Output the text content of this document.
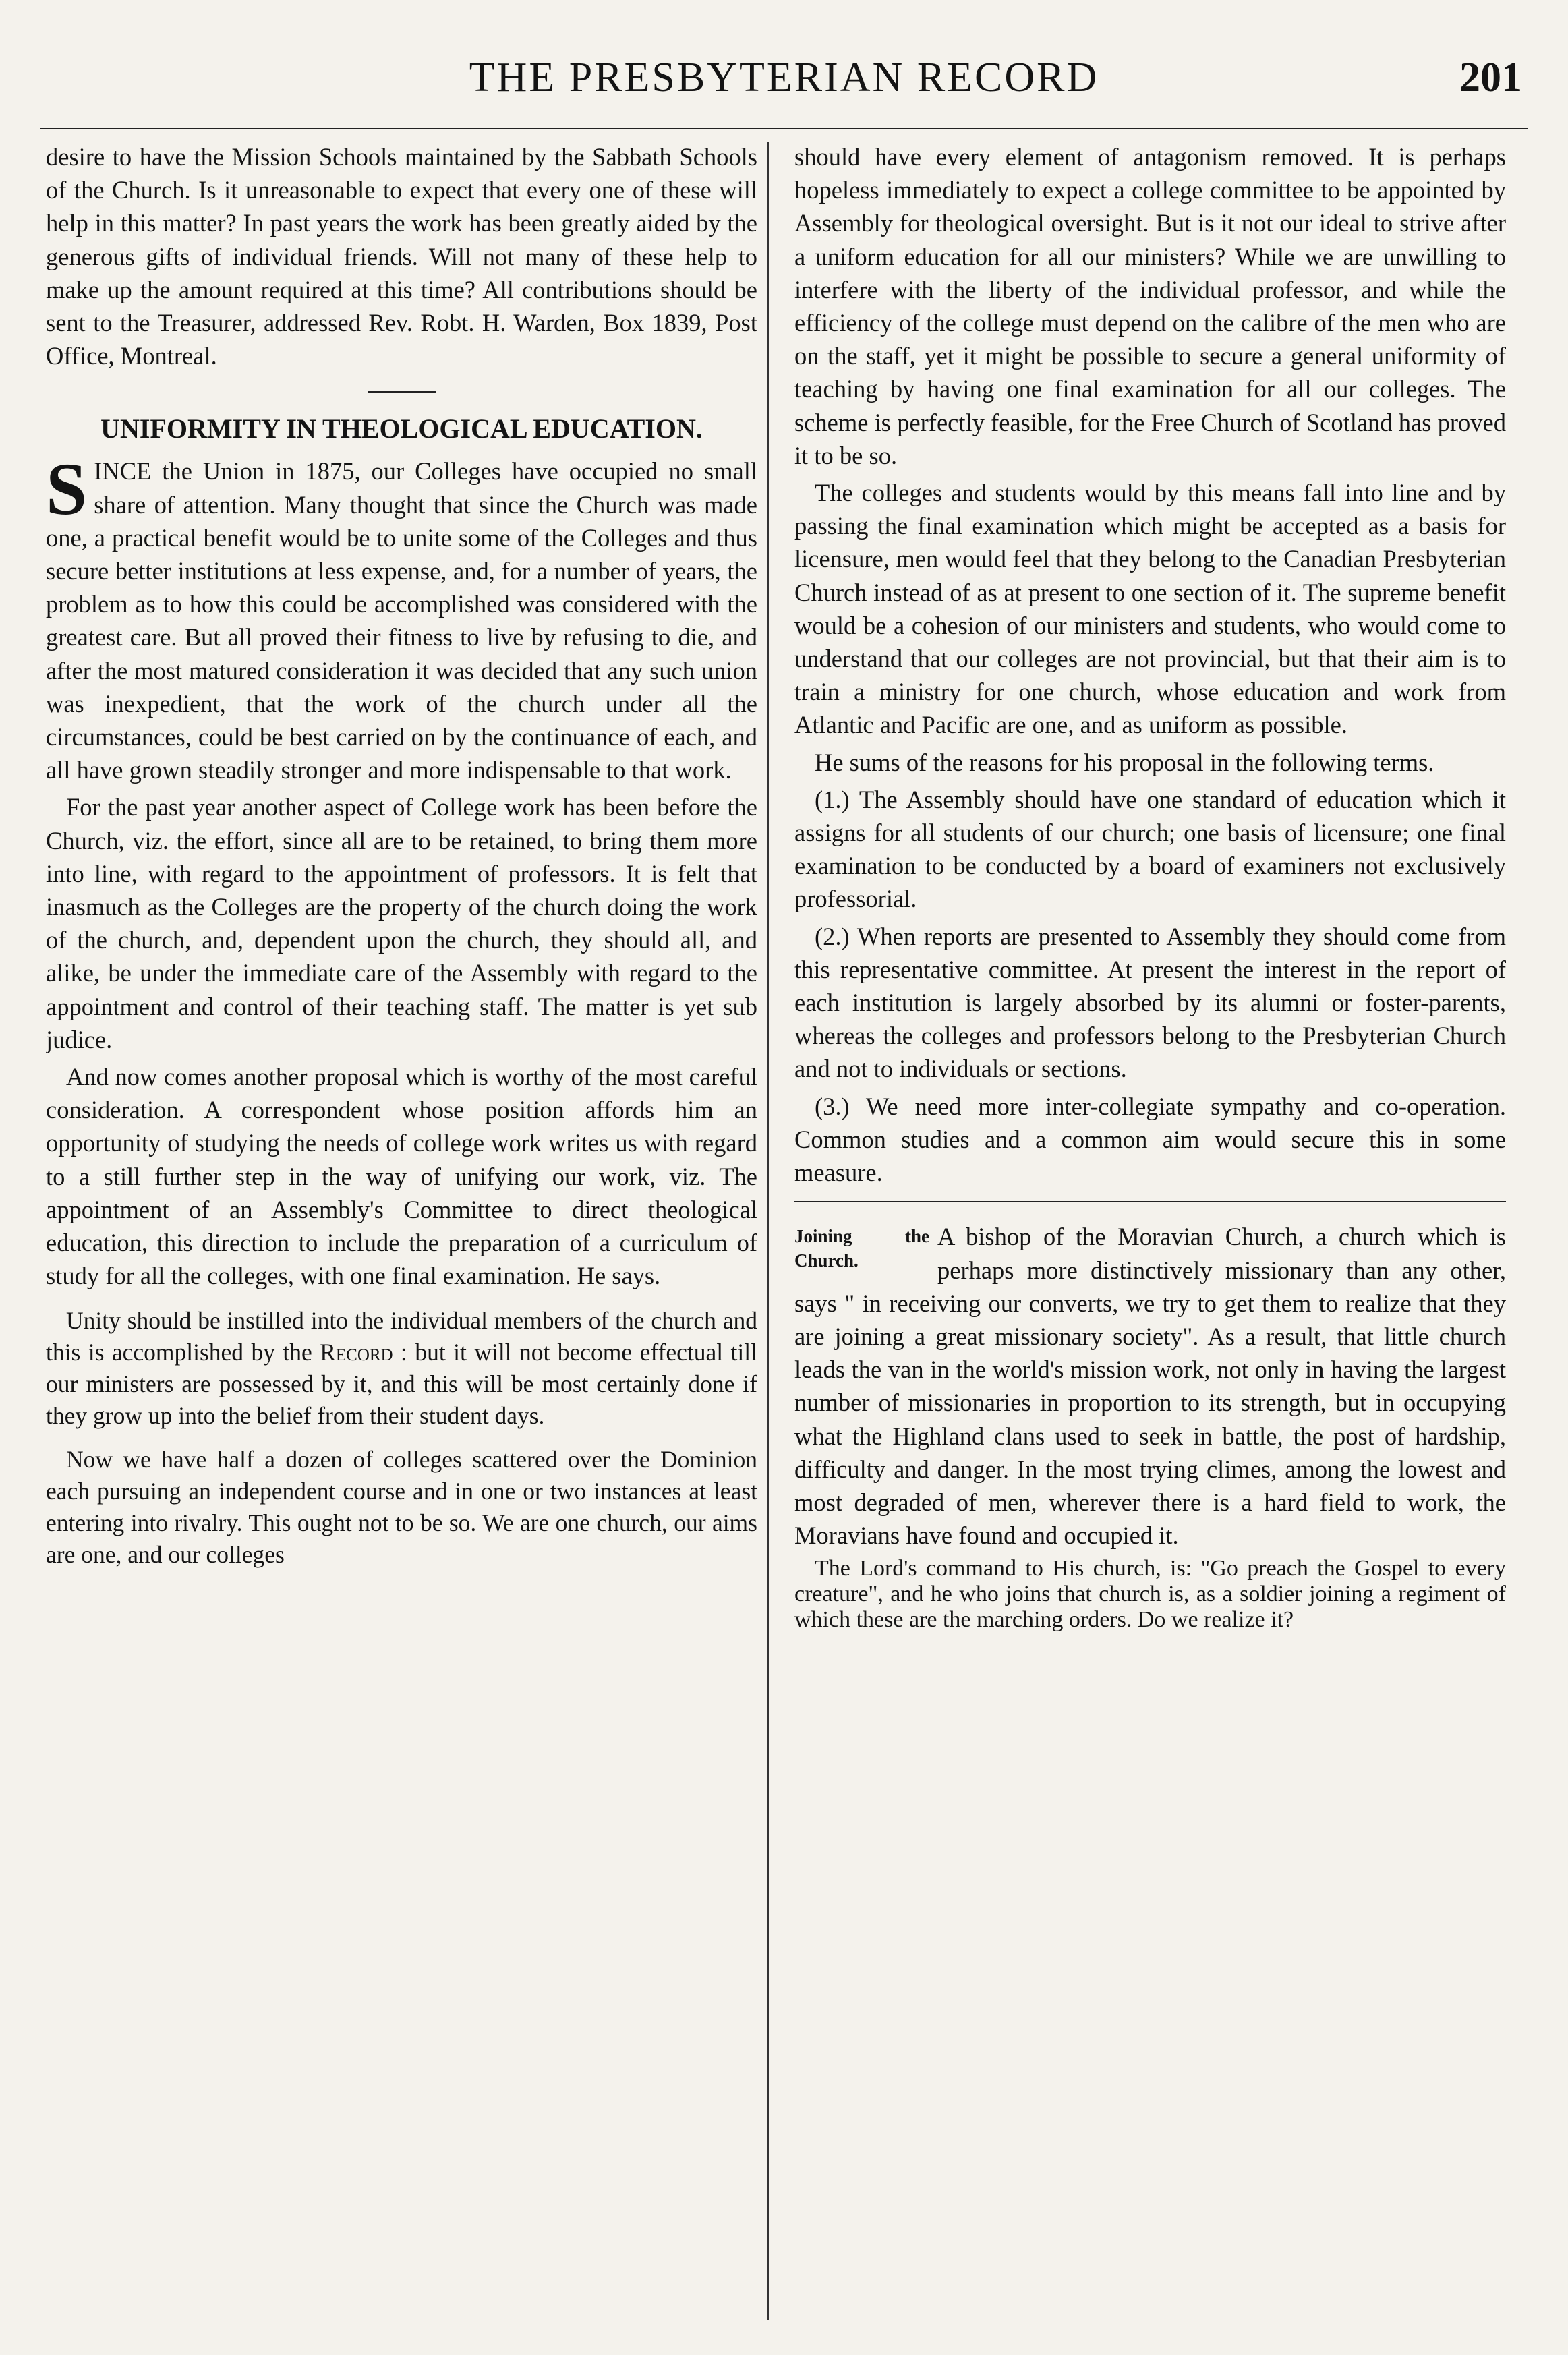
THE PRESBYTERIAN RECORD	201

desire to have the Mission Schools maintained by the Sabbath Schools of the Church. Is it unreasonable to expect that every one of these will help in this matter? In past years the work has been greatly aided by the generous gifts of individual friends. Will not many of these help to make up the amount required at this time? All contributions should be sent to the Treasurer, addressed Rev. Robt. H. Warden, Box 1839, Post Office, Montreal.

UNIFORMITY IN THEOLOGICAL EDUCATION.

SINCE the Union in 1875, our Colleges have occupied no small share of attention. Many thought that since the Church was made one, a practical benefit would be to unite some of the Colleges and thus secure better institutions at less expense, and, for a number of years, the problem as to how this could be accomplished was considered with the greatest care. But all proved their fitness to live by refusing to die, and after the most matured consideration it was decided that any such union was inexpedient, that the work of the church under all the circumstances, could be best carried on by the continuance of each, and all have grown steadily stronger and more indispensable to that work.

For the past year another aspect of College work has been before the Church, viz. the effort, since all are to be retained, to bring them more into line, with regard to the appointment of professors. It is felt that inasmuch as the Colleges are the property of the church doing the work of the church, and, dependent upon the church, they should all, and alike, be under the immediate care of the Assembly with regard to the appointment and control of their teaching staff. The matter is yet sub judice.

And now comes another proposal which is worthy of the most careful consideration. A correspondent whose position affords him an opportunity of studying the needs of college work writes us with regard to a still further step in the way of unifying our work, viz. The appointment of an Assembly's Committee to direct theological education, this direction to include the preparation of a curriculum of study for all the colleges, with one final examination. He says.

Unity should be instilled into the individual members of the church and this is accomplished by the Record : but it will not become effectual till our ministers are possessed by it, and this will be most certainly done if they grow up into the belief from their student days.

Now we have half a dozen of colleges scattered over the Dominion each pursuing an independent course and in one or two instances at least entering into rivalry. This ought not to be so. We are one church, our aims are one, and our colleges

should have every element of antagonism removed. It is perhaps hopeless immediately to expect a college committee to be appointed by Assembly for theological oversight. But is it not our ideal to strive after a uniform education for all our ministers? While we are unwilling to interfere with the liberty of the individual professor, and while the efficiency of the college must depend on the calibre of the men who are on the staff, yet it might be possible to secure a general uniformity of teaching by having one final examination for all our colleges. The scheme is perfectly feasible, for the Free Church of Scotland has proved it to be so.

The colleges and students would by this means fall into line and by passing the final examination which might be accepted as a basis for licensure, men would feel that they belong to the Canadian Presbyterian Church instead of as at present to one section of it. The supreme benefit would be a cohesion of our ministers and students, who would come to understand that our colleges are not provincial, but that their aim is to train a ministry for one church, whose education and work from Atlantic and Pacific are one, and as uniform as possible.

He sums of the reasons for his proposal in the following terms.

(1.) The Assembly should have one standard of education which it assigns for all students of our church; one basis of licensure; one final examination to be conducted by a board of examiners not exclusively professorial.

(2.) When reports are presented to Assembly they should come from this representative committee. At present the interest in the report of each institution is largely absorbed by its alumni or foster-parents, whereas the colleges and professors belong to the Presbyterian Church and not to individuals or sections.

(3.) We need more inter-collegiate sympathy and co-operation. Common studies and a common aim would secure this in some measure.

Joining the Church.
A bishop of the Moravian Church, a church which is perhaps more distinctively missionary than any other, says " in receiving our converts, we try to get them to realize that they are joining a great missionary society". As a result, that little church leads the van in the world's mission work, not only in having the largest number of missionaries in proportion to its strength, but in occupying what the Highland clans used to seek in battle, the post of hardship, difficulty and danger. In the most trying climes, among the lowest and most degraded of men, wherever there is a hard field to work, the Moravians have found and occupied it.

The Lord's command to His church, is: "Go preach the Gospel to every creature", and he who joins that church is, as a soldier joining a regiment of which these are the marching orders. Do we realize it?
